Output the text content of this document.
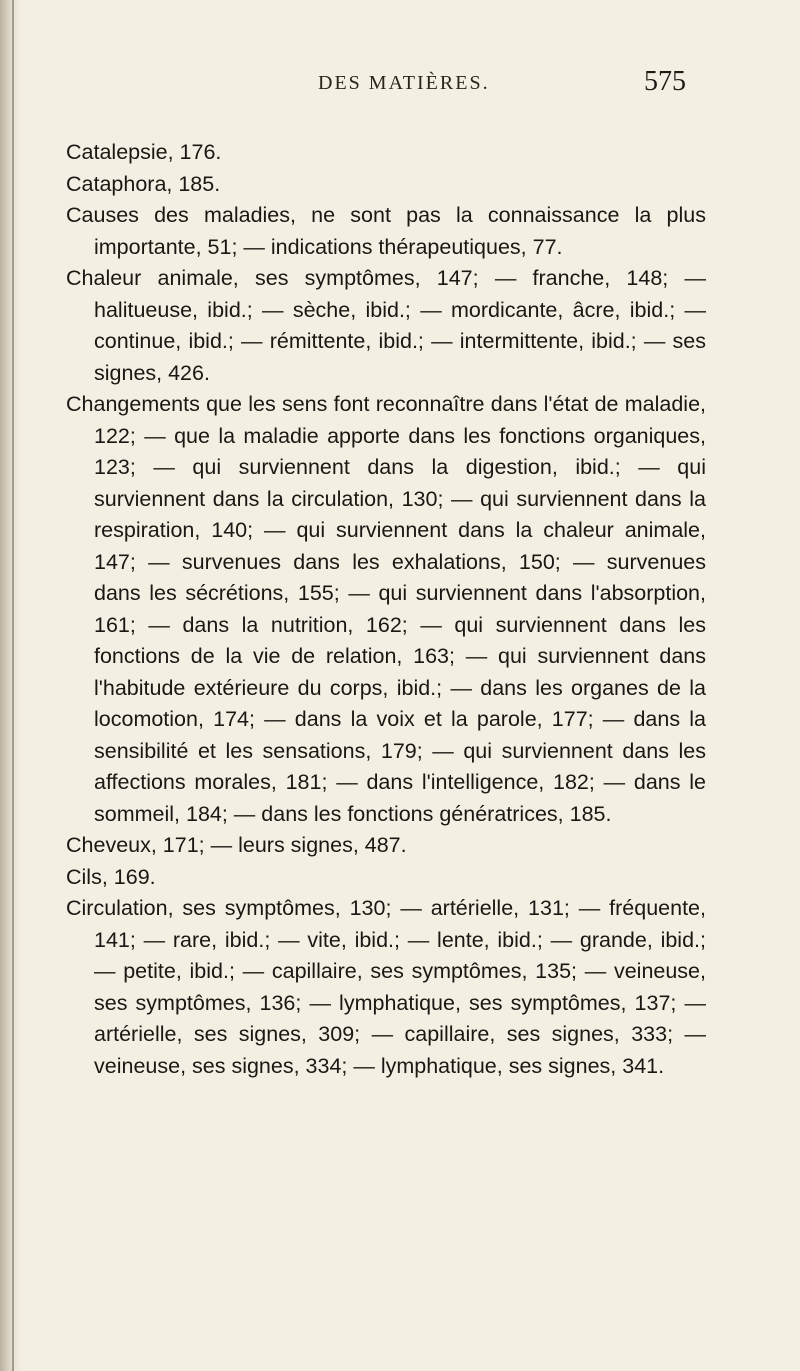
DES MATIÈRES.	575

Catalepsie, 176.

Cataphora, 185.

Causes des maladies, ne sont pas la connaissance la plus importante, 51; — indications thérapeutiques, 77.

Chaleur animale, ses symptômes, 147; — franche, 148; — halitueuse, ibid.; — sèche, ibid.; — mordicante, âcre, ibid.; — continue, ibid.; — rémittente, ibid.; — intermittente, ibid.; — ses signes, 426.

Changements que les sens font reconnaître dans l'état de maladie, 122; — que la maladie apporte dans les fonctions organiques, 123; — qui surviennent dans la digestion, ibid.; — qui surviennent dans la circulation, 130; — qui surviennent dans la respiration, 140; — qui surviennent dans la chaleur animale, 147; — survenues dans les exhalations, 150; — survenues dans les sécrétions, 155; — qui surviennent dans l'absorption, 161; — dans la nutrition, 162; — qui surviennent dans les fonctions de la vie de relation, 163; — qui surviennent dans l'habitude extérieure du corps, ibid.; — dans les organes de la locomotion, 174; — dans la voix et la parole, 177; — dans la sensibilité et les sensations, 179; — qui surviennent dans les affections morales, 181; — dans l'intelligence, 182; — dans le sommeil, 184; — dans les fonctions génératrices, 185.

Cheveux, 171; — leurs signes, 487.

Cils, 169.

Circulation, ses symptômes, 130; — artérielle, 131; — fréquente, 141; — rare, ibid.; — vite, ibid.; — lente, ibid.; — grande, ibid.; — petite, ibid.; — capillaire, ses symptômes, 135; — veineuse, ses symptômes, 136; — lymphatique, ses symptômes, 137; — artérielle, ses signes, 309; — capillaire, ses signes, 333; — veineuse, ses signes, 334; — lymphatique, ses signes, 341.
